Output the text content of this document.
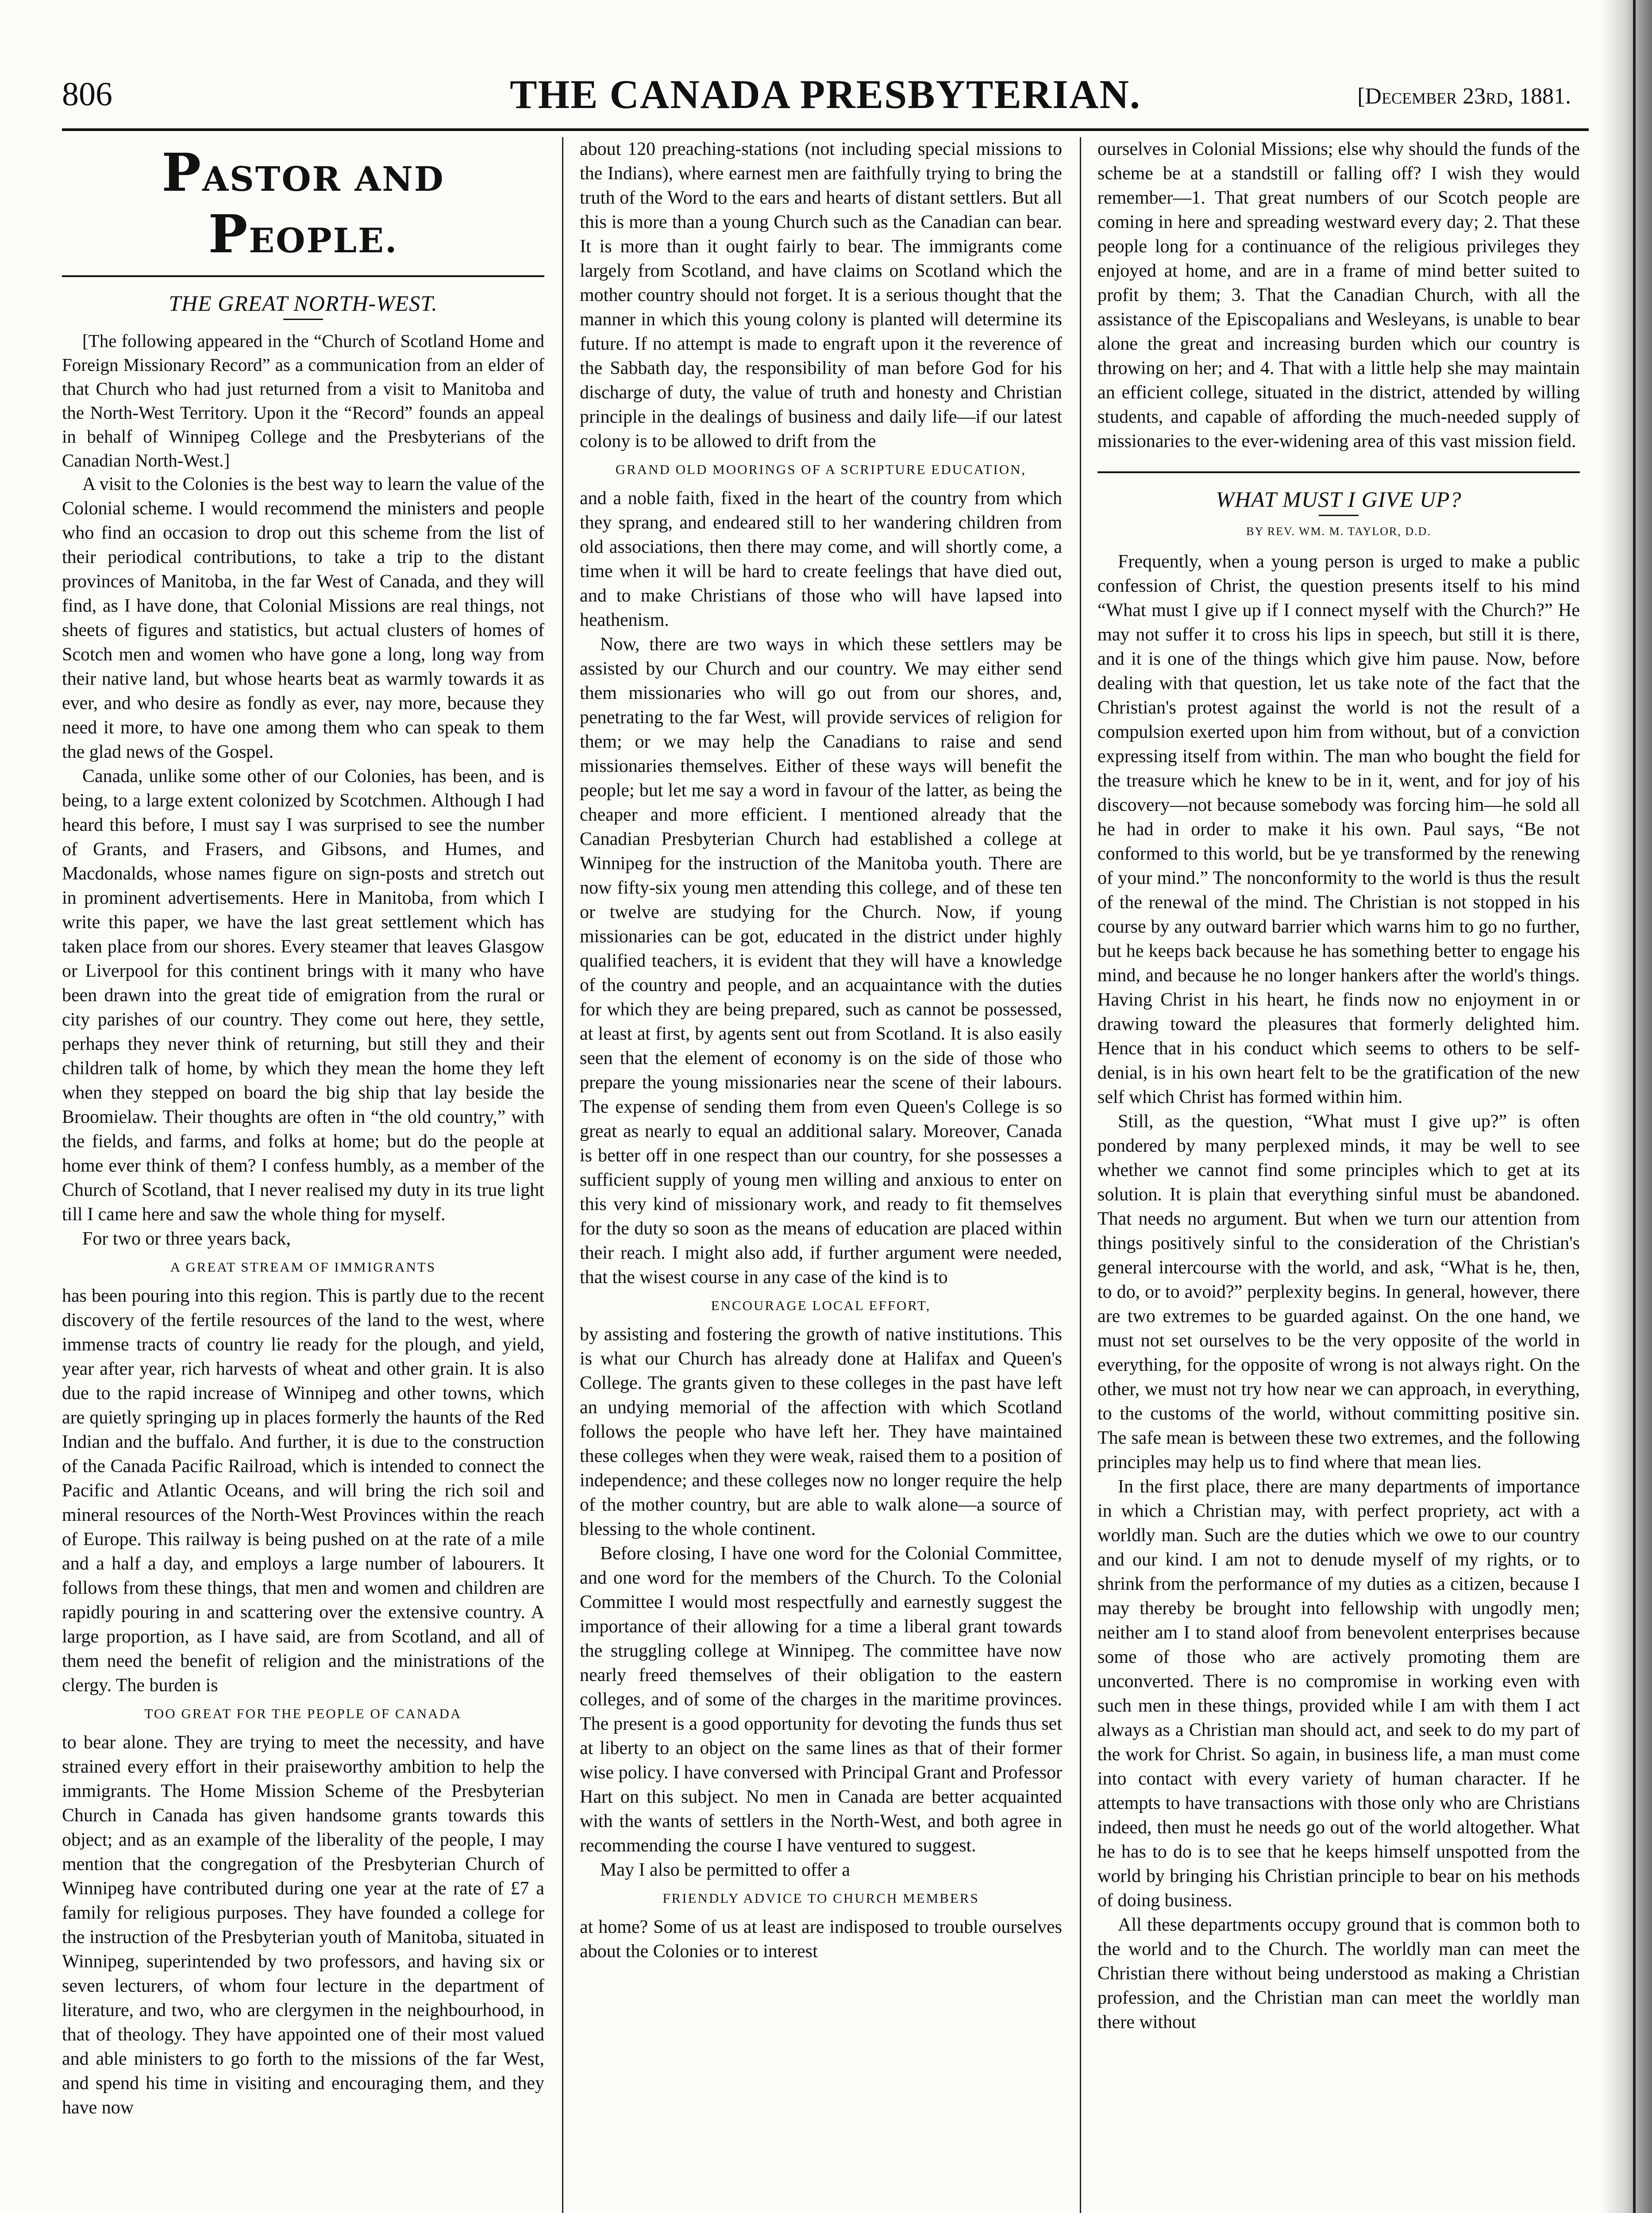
806	THE CANADA PRESBYTERIAN.	[December 23rd, 1881.
PASTOR AND PEOPLE.
THE GREAT NORTH-WEST.

[The following appeared in the “Church of Scotland Home and Foreign Missionary Record” as a communication from an elder of that Church who had just returned from a visit to Manitoba and the North-West Territory. Upon it the “Record” founds an appeal in behalf of Winnipeg College and the Presbyterians of the Canadian North-West.]

A visit to the Colonies is the best way to learn the value of the Colonial scheme. I would recommend the ministers and people who find an occasion to drop out this scheme from the list of their periodical contributions, to take a trip to the distant provinces of Manitoba, in the far West of Canada, and they will find, as I have done, that Colonial Missions are real things, not sheets of figures and statistics, but actual clusters of homes of Scotch men and women who have gone a long, long way from their native land, but whose hearts beat as warmly towards it as ever, and who desire as fondly as ever, nay more, because they need it more, to have one among them who can speak to them the glad news of the Gospel.

Canada, unlike some other of our Colonies, has been, and is being, to a large extent colonized by Scotchmen. Although I had heard this before, I must say I was surprised to see the number of Grants, and Frasers, and Gibsons, and Humes, and Macdonalds, whose names figure on sign-posts and stretch out in prominent advertisements. Here in Manitoba, from which I write this paper, we have the last great settlement which has taken place from our shores. Every steamer that leaves Glasgow or Liverpool for this continent brings with it many who have been drawn into the great tide of emigration from the rural or city parishes of our country. They come out here, they settle, perhaps they never think of returning, but still they and their children talk of home, by which they mean the home they left when they stepped on board the big ship that lay beside the Broomielaw. Their thoughts are often in “the old country,” with the fields, and farms, and folks at home; but do the people at home ever think of them? I confess humbly, as a member of the Church of Scotland, that I never realised my duty in its true light till I came here and saw the whole thing for myself.

For two or three years back,

A GREAT STREAM OF IMMIGRANTS

has been pouring into this region. This is partly due to the recent discovery of the fertile resources of the land to the west, where immense tracts of country lie ready for the plough, and yield, year after year, rich harvests of wheat and other grain. It is also due to the rapid increase of Winnipeg and other towns, which are quietly springing up in places formerly the haunts of the Red Indian and the buffalo. And further, it is due to the construction of the Canada Pacific Railroad, which is intended to connect the Pacific and Atlantic Oceans, and will bring the rich soil and mineral resources of the North-West Provinces within the reach of Europe. This railway is being pushed on at the rate of a mile and a half a day, and employs a large number of labourers. It follows from these things, that men and women and children are rapidly pouring in and scattering over the extensive country. A large proportion, as I have said, are from Scotland, and all of them need the benefit of religion and the ministrations of the clergy. The burden is

TOO GREAT FOR THE PEOPLE OF CANADA

to bear alone. They are trying to meet the necessity, and have strained every effort in their praiseworthy ambition to help the immigrants. The Home Mission Scheme of the Presbyterian Church in Canada has given handsome grants towards this object; and as an example of the liberality of the people, I may mention that the congregation of the Presbyterian Church of Winnipeg have contributed during one year at the rate of £7 a family for religious purposes. They have founded a college for the instruction of the Presbyterian youth of Manitoba, situated in Winnipeg, superintended by two professors, and having six or seven lecturers, of whom four lecture in the department of literature, and two, who are clergymen in the neighbourhood, in that of theology. They have appointed one of their most valued and able ministers to go forth to the missions of the far West, and spend his time in visiting and encouraging them, and they have now

about 120 preaching-stations (not including special missions to the Indians), where earnest men are faithfully trying to bring the truth of the Word to the ears and hearts of distant settlers. But all this is more than a young Church such as the Canadian can bear. It is more than it ought fairly to bear. The immigrants come largely from Scotland, and have claims on Scotland which the mother country should not forget. It is a serious thought that the manner in which this young colony is planted will determine its future. If no attempt is made to engraft upon it the reverence of the Sabbath day, the responsibility of man before God for his discharge of duty, the value of truth and honesty and Christian principle in the dealings of business and daily life—if our latest colony is to be allowed to drift from the

GRAND OLD MOORINGS OF A SCRIPTURE EDUCATION,

and a noble faith, fixed in the heart of the country from which they sprang, and endeared still to her wandering children from old associations, then there may come, and will shortly come, a time when it will be hard to create feelings that have died out, and to make Christians of those who will have lapsed into heathenism.

Now, there are two ways in which these settlers may be assisted by our Church and our country. We may either send them missionaries who will go out from our shores, and, penetrating to the far West, will provide services of religion for them; or we may help the Canadians to raise and send missionaries themselves. Either of these ways will benefit the people; but let me say a word in favour of the latter, as being the cheaper and more efficient. I mentioned already that the Canadian Presbyterian Church had established a college at Winnipeg for the instruction of the Manitoba youth. There are now fifty-six young men attending this college, and of these ten or twelve are studying for the Church. Now, if young missionaries can be got, educated in the district under highly qualified teachers, it is evident that they will have a knowledge of the country and people, and an acquaintance with the duties for which they are being prepared, such as cannot be possessed, at least at first, by agents sent out from Scotland. It is also easily seen that the element of economy is on the side of those who prepare the young missionaries near the scene of their labours. The expense of sending them from even Queen's College is so great as nearly to equal an additional salary. Moreover, Canada is better off in one respect than our country, for she possesses a sufficient supply of young men willing and anxious to enter on this very kind of missionary work, and ready to fit themselves for the duty so soon as the means of education are placed within their reach. I might also add, if further argument were needed, that the wisest course in any case of the kind is to

ENCOURAGE LOCAL EFFORT,

by assisting and fostering the growth of native institutions. This is what our Church has already done at Halifax and Queen's College. The grants given to these colleges in the past have left an undying memorial of the affection with which Scotland follows the people who have left her. They have maintained these colleges when they were weak, raised them to a position of independence; and these colleges now no longer require the help of the mother country, but are able to walk alone—a source of blessing to the whole continent.

Before closing, I have one word for the Colonial Committee, and one word for the members of the Church. To the Colonial Committee I would most respectfully and earnestly suggest the importance of their allowing for a time a liberal grant towards the struggling college at Winnipeg. The committee have now nearly freed themselves of their obligation to the eastern colleges, and of some of the charges in the maritime provinces. The present is a good opportunity for devoting the funds thus set at liberty to an object on the same lines as that of their former wise policy. I have conversed with Principal Grant and Professor Hart on this subject. No men in Canada are better acquainted with the wants of settlers in the North-West, and both agree in recommending the course I have ventured to suggest.

May I also be permitted to offer a

FRIENDLY ADVICE TO CHURCH MEMBERS

at home? Some of us at least are indisposed to trouble ourselves about the Colonies or to interest

ourselves in Colonial Missions; else why should the funds of the scheme be at a standstill or falling off? I wish they would remember—1. That great numbers of our Scotch people are coming in here and spreading westward every day; 2. That these people long for a continuance of the religious privileges they enjoyed at home, and are in a frame of mind better suited to profit by them; 3. That the Canadian Church, with all the assistance of the Episcopalians and Wesleyans, is unable to bear alone the great and increasing burden which our country is throwing on her; and 4. That with a little help she may maintain an efficient college, situated in the district, attended by willing students, and capable of affording the much-needed supply of missionaries to the ever-widening area of this vast mission field.

WHAT MUST I GIVE UP?
BY REV. WM. M. TAYLOR, D.D.

Frequently, when a young person is urged to make a public confession of Christ, the question presents itself to his mind “What must I give up if I connect myself with the Church?” He may not suffer it to cross his lips in speech, but still it is there, and it is one of the things which give him pause. Now, before dealing with that question, let us take note of the fact that the Christian's protest against the world is not the result of a compulsion exerted upon him from without, but of a conviction expressing itself from within. The man who bought the field for the treasure which he knew to be in it, went, and for joy of his discovery—not because somebody was forcing him—he sold all he had in order to make it his own. Paul says, “Be not conformed to this world, but be ye transformed by the renewing of your mind.” The nonconformity to the world is thus the result of the renewal of the mind. The Christian is not stopped in his course by any outward barrier which warns him to go no further, but he keeps back because he has something better to engage his mind, and because he no longer hankers after the world's things. Having Christ in his heart, he finds now no enjoyment in or drawing toward the pleasures that formerly delighted him. Hence that in his conduct which seems to others to be self-denial, is in his own heart felt to be the gratification of the new self which Christ has formed within him.

Still, as the question, “What must I give up?” is often pondered by many perplexed minds, it may be well to see whether we cannot find some principles which to get at its solution. It is plain that everything sinful must be abandoned. That needs no argument. But when we turn our attention from things positively sinful to the consideration of the Christian's general intercourse with the world, and ask, “What is he, then, to do, or to avoid?” perplexity begins. In general, however, there are two extremes to be guarded against. On the one hand, we must not set ourselves to be the very opposite of the world in everything, for the opposite of wrong is not always right. On the other, we must not try how near we can approach, in everything, to the customs of the world, without committing positive sin. The safe mean is between these two extremes, and the following principles may help us to find where that mean lies.

In the first place, there are many departments of importance in which a Christian may, with perfect propriety, act with a worldly man. Such are the duties which we owe to our country and our kind. I am not to denude myself of my rights, or to shrink from the performance of my duties as a citizen, because I may thereby be brought into fellowship with ungodly men; neither am I to stand aloof from benevolent enterprises because some of those who are actively promoting them are unconverted. There is no compromise in working even with such men in these things, provided while I am with them I act always as a Christian man should act, and seek to do my part of the work for Christ. So again, in business life, a man must come into contact with every variety of human character. If he attempts to have transactions with those only who are Christians indeed, then must he needs go out of the world altogether. What he has to do is to see that he keeps himself unspotted from the world by bringing his Christian principle to bear on his methods of doing business.

All these departments occupy ground that is common both to the world and to the Church. The worldly man can meet the Christian there without being understood as making a Christian profession, and the Christian man can meet the worldly man there without
